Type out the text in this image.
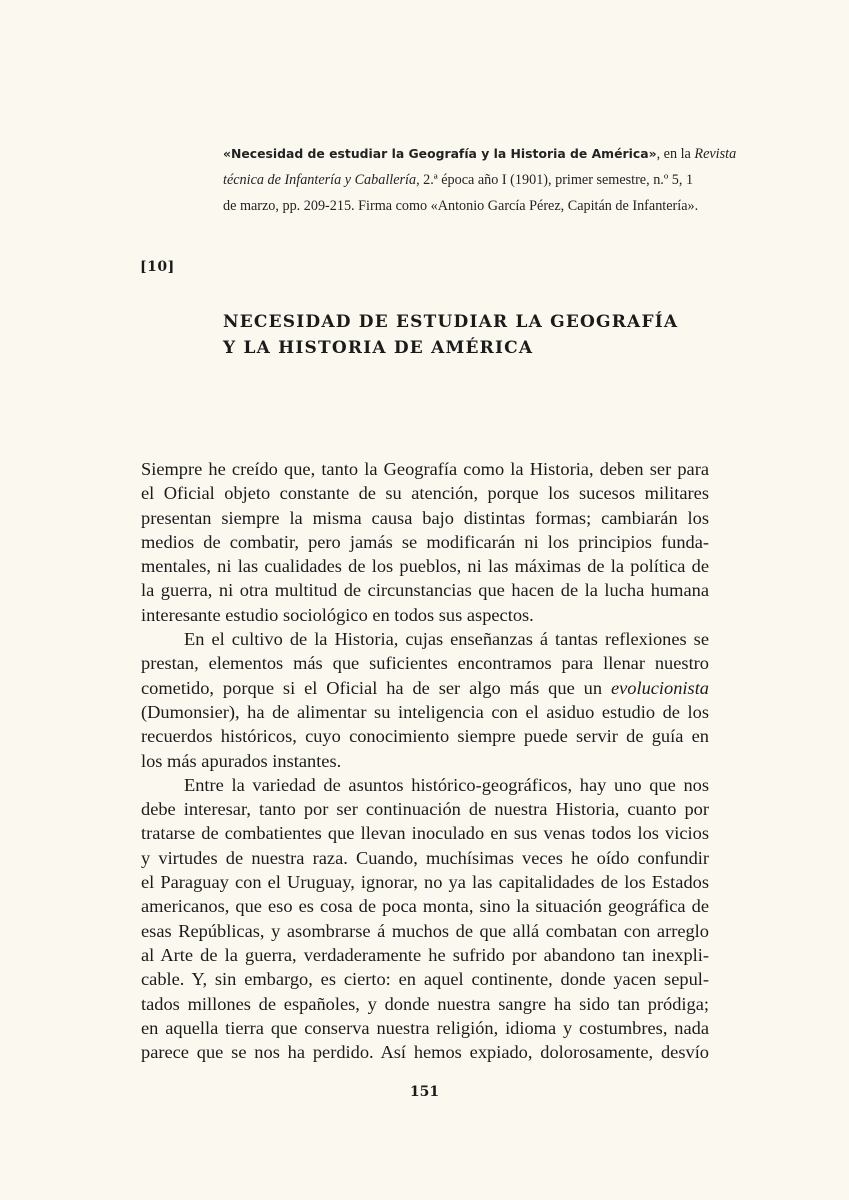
«Necesidad de estudiar la Geografía y la Historia de América», en la Revista
técnica de Infantería y Caballería, 2.ª época año I (1901), primer semestre, n.º 5, 1
de marzo, pp. 209-215. Firma como «Antonio García Pérez, Capitán de Infantería».
[10]
NECESIDAD DE ESTUDIAR LA GEOGRAFÍA
Y LA HISTORIA DE AMÉRICA
Siempre he creído que, tanto la Geografía como la Historia, deben ser para
el Oficial objeto constante de su atención, porque los sucesos militares
presentan siempre la misma causa bajo distintas formas; cambiarán los
medios de combatir, pero jamás se modificarán ni los principios funda-
mentales, ni las cualidades de los pueblos, ni las máximas de la política de
la guerra, ni otra multitud de circunstancias que hacen de la lucha humana
interesante estudio sociológico en todos sus aspectos.
En el cultivo de la Historia, cujas enseñanzas á tantas reflexiones se
prestan, elementos más que suficientes encontramos para llenar nuestro
cometido, porque si el Oficial ha de ser algo más que un evolucionista
(Dumonsier), ha de alimentar su inteligencia con el asiduo estudio de los
recuerdos históricos, cuyo conocimiento siempre puede servir de guía en
los más apurados instantes.
Entre la variedad de asuntos histórico-geográficos, hay uno que nos
debe interesar, tanto por ser continuación de nuestra Historia, cuanto por
tratarse de combatientes que llevan inoculado en sus venas todos los vicios
y virtudes de nuestra raza. Cuando, muchísimas veces he oído confundir
el Paraguay con el Uruguay, ignorar, no ya las capitalidades de los Estados
americanos, que eso es cosa de poca monta, sino la situación geográfica de
esas Repúblicas, y asombrarse á muchos de que allá combatan con arreglo
al Arte de la guerra, verdaderamente he sufrido por abandono tan inexpli-
cable. Y, sin embargo, es cierto: en aquel continente, donde yacen sepul-
tados millones de españoles, y donde nuestra sangre ha sido tan pródiga;
en aquella tierra que conserva nuestra religión, idioma y costumbres, nada
parece que se nos ha perdido. Así hemos expiado, dolorosamente, desvío
151
